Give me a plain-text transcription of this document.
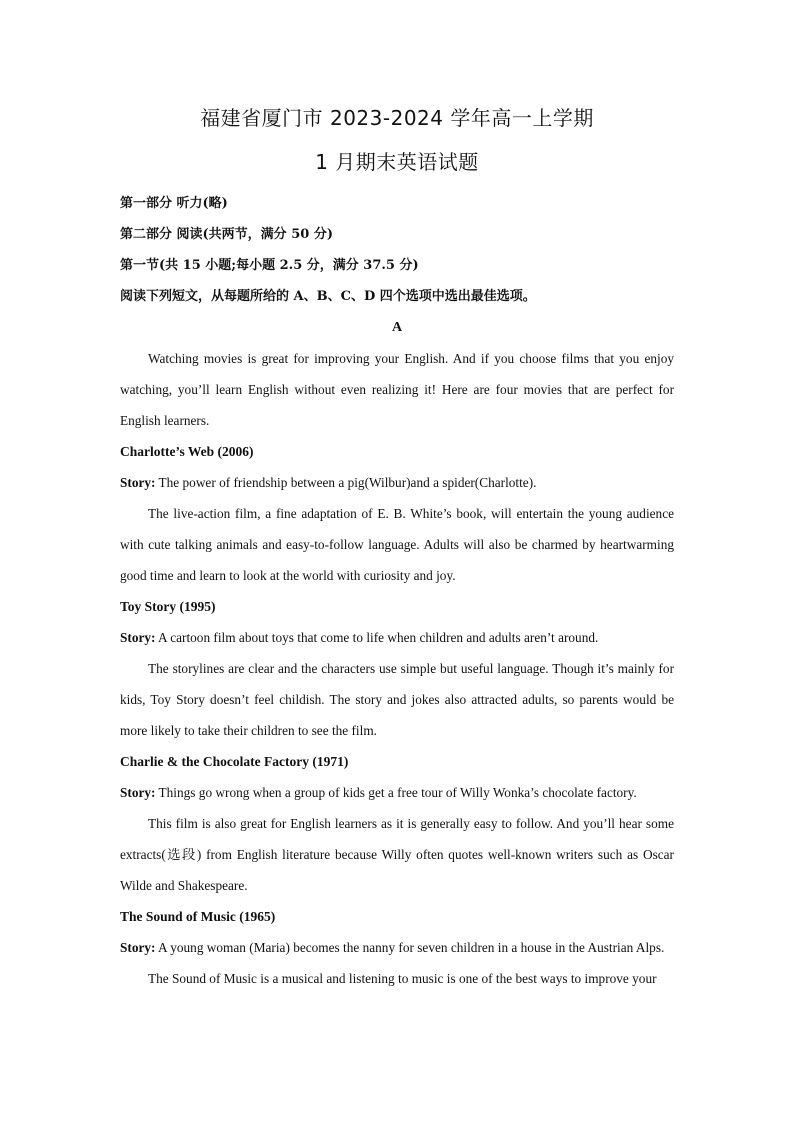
福建省厦门市 2023-2024 学年高一上学期
1 月期末英语试题

第一部分 听力(略)

第二部分 阅读(共两节，满分 50 分)

第一节(共 15 小题;每小题 2.5 分，满分 37.5 分)

阅读下列短文，从每题所给的 A、B、C、D 四个选项中选出最佳选项。

A

Watching movies is great for improving your English. And if you choose films that you enjoy watching, you’ll learn English without even realizing it! Here are four movies that are perfect for English learners.

Charlotte’s Web (2006)

Story: The power of friendship between a pig(Wilbur)and a spider(Charlotte).

The live-action film, a fine adaptation of E. B. White’s book, will entertain the young audience with cute talking animals and easy-to-follow language. Adults will also be charmed by heartwarming good time and learn to look at the world with curiosity and joy.

Toy Story (1995)

Story: A cartoon film about toys that come to life when children and adults aren’t around.

The storylines are clear and the characters use simple but useful language. Though it’s mainly for kids, Toy Story doesn’t feel childish. The story and jokes also attracted adults, so parents would be more likely to take their children to see the film.

Charlie & the Chocolate Factory (1971)

Story: Things go wrong when a group of kids get a free tour of Willy Wonka’s chocolate factory.

This film is also great for English learners as it is generally easy to follow. And you’ll hear some extracts(选段) from English literature because Willy often quotes well-known writers such as Oscar Wilde and Shakespeare.

The Sound of Music (1965)

Story: A young woman (Maria) becomes the nanny for seven children in a house in the Austrian Alps.

The Sound of Music is a musical and listening to music is one of the best ways to improve your
